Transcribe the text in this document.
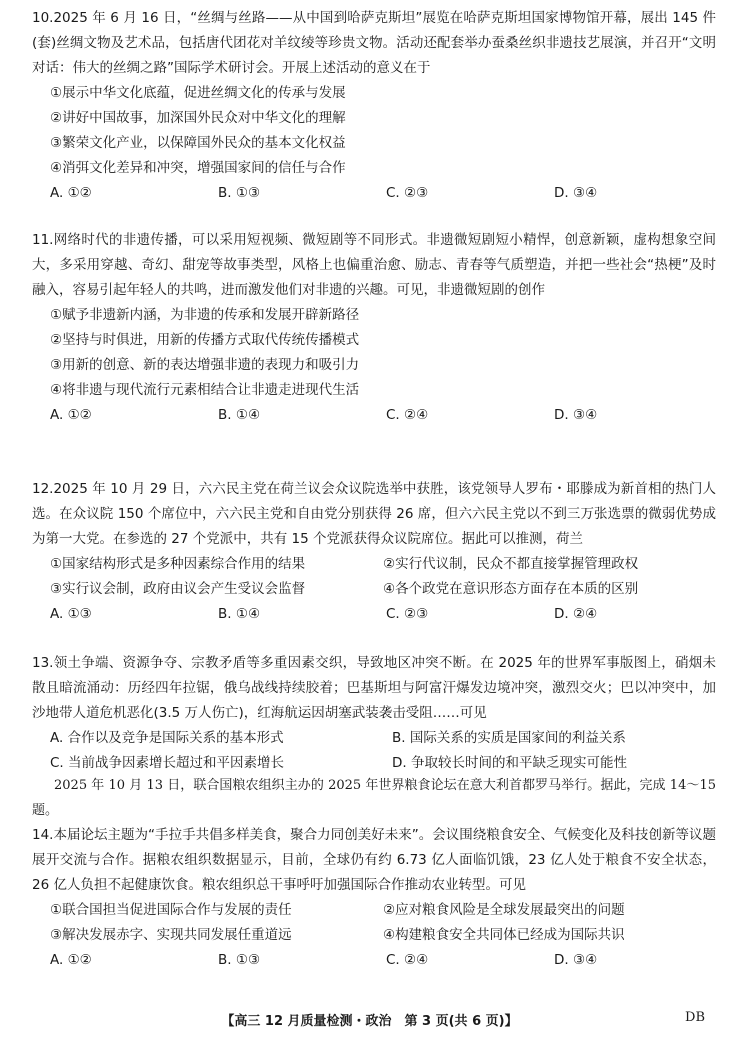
10.2025 年 6 月 16 日，“丝绸与丝路——从中国到哈萨克斯坦”展览在哈萨克斯坦国家博物馆开幕，展出 145 件(套)丝绸文物及艺术品，包括唐代团花对羊纹绫等珍贵文物。活动还配套举办蚕桑丝织非遗技艺展演，并召开“文明对话：伟大的丝绸之路”国际学术研讨会。开展上述活动的意义在于

①展示中华文化底蕴，促进丝绸文化的传承与发展

②讲好中国故事，加深国外民众对中华文化的理解

③繁荣文化产业，以保障国外民众的基本文化权益

④消弭文化差异和冲突，增强国家间的信任与合作

A. ①②	B. ①③	C. ②③	D. ③④

11.网络时代的非遗传播，可以采用短视频、微短剧等不同形式。非遗微短剧短小精悍，创意新颖，虚构想象空间大，多采用穿越、奇幻、甜宠等故事类型，风格上也偏重治愈、励志、青春等气质塑造，并把一些社会“热梗”及时融入，容易引起年轻人的共鸣，进而激发他们对非遗的兴趣。可见，非遗微短剧的创作

①赋予非遗新内涵，为非遗的传承和发展开辟新路径

②坚持与时俱进，用新的传播方式取代传统传播模式

③用新的创意、新的表达增强非遗的表现力和吸引力

④将非遗与现代流行元素相结合让非遗走进现代生活

A. ①②	B. ①④	C. ②④	D. ③④

12.2025 年 10 月 29 日，六六民主党在荷兰议会众议院选举中获胜，该党领导人罗布・耶滕成为新首相的热门人选。在众议院 150 个席位中，六六民主党和自由党分别获得 26 席，但六六民主党以不到三万张选票的微弱优势成为第一大党。在参选的 27 个党派中，共有 15 个党派获得众议院席位。据此可以推测，荷兰

①国家结构形式是多种因素综合作用的结果	②实行代议制，民众不都直接掌握管理政权
③实行议会制，政府由议会产生受议会监督	④各个政党在意识形态方面存在本质的区别
A. ①③	B. ①④	C. ②③	D. ②④

13.领土争端、资源争夺、宗教矛盾等多重因素交织，导致地区冲突不断。在 2025 年的世界军事版图上，硝烟未散且暗流涌动：历经四年拉锯，俄乌战线持续胶着；巴基斯坦与阿富汗爆发边境冲突，激烈交火；巴以冲突中，加沙地带人道危机恶化(3.5 万人伤亡)，红海航运因胡塞武装袭击受阻……可见

A. 合作以及竞争是国际关系的基本形式	B. 国际关系的实质是国家间的利益关系
C. 当前战争因素增长超过和平因素增长	D. 争取较长时间的和平缺乏现实可能性
2025 年 10 月 13 日，联合国粮农组织主办的 2025 年世界粮食论坛在意大利首都罗马举行。据此，完成 14～15 题。

14.本届论坛主题为“手拉手共倡多样美食，聚合力同创美好未来”。会议围绕粮食安全、气候变化及科技创新等议题展开交流与合作。据粮农组织数据显示，目前，全球仍有约 6.73 亿人面临饥饿，23 亿人处于粮食不安全状态，26 亿人负担不起健康饮食。粮农组织总干事呼吁加强国际合作推动农业转型。可见

①联合国担当促进国际合作与发展的责任	②应对粮食风险是全球发展最突出的问题
③解决发展赤字、实现共同发展任重道远	④构建粮食安全共同体已经成为国际共识
A. ①②	B. ①③	C. ②④	D. ③④
【高三 12 月质量检测・政治　第 3 页(共 6 页)】	DB
